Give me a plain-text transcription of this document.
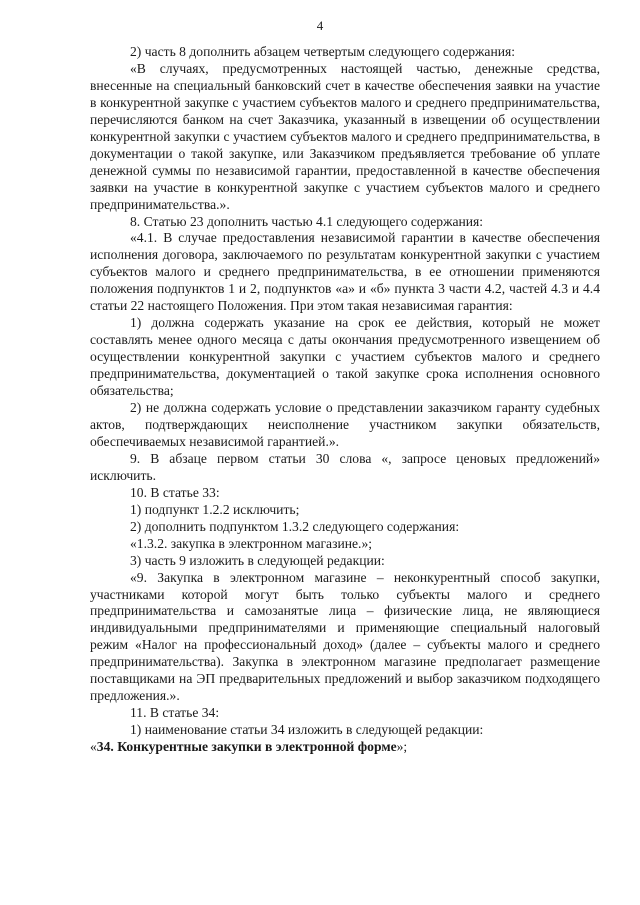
4

2) часть 8 дополнить абзацем четвертым следующего содержания:

«В случаях, предусмотренных настоящей частью, денежные средства, внесенные на специальный банковский счет в качестве обеспечения заявки на участие в конкурентной закупке с участием субъектов малого и среднего предпринимательства, перечисляются банком на счет Заказчика, указанный в извещении об осуществлении конкурентной закупки с участием субъектов малого и среднего предпринимательства, в документации о такой закупке, или Заказчиком предъявляется требование об уплате денежной суммы по независимой гарантии, предоставленной в качестве обеспечения заявки на участие в конкурентной закупке с участием субъектов малого и среднего предпринимательства.».

8. Статью 23 дополнить частью 4.1 следующего содержания:

«4.1. В случае предоставления независимой гарантии в качестве обеспечения исполнения договора, заключаемого по результатам конкурентной закупки с участием субъектов малого и среднего предпринимательства, в ее отношении применяются положения подпунктов 1 и 2, подпунктов «а» и «б» пункта 3 части 4.2, частей 4.3 и 4.4 статьи 22 настоящего Положения. При этом такая независимая гарантия:

1) должна содержать указание на срок ее действия, который не может составлять менее одного месяца с даты окончания предусмотренного извещением об осуществлении конкурентной закупки с участием субъектов малого и среднего предпринимательства, документацией о такой закупке срока исполнения основного обязательства;

2) не должна содержать условие о представлении заказчиком гаранту судебных актов, подтверждающих неисполнение участником закупки обязательств, обеспечиваемых независимой гарантией.».

9. В абзаце первом статьи 30 слова «, запросе ценовых предложений» исключить.

10. В статье 33:

1) подпункт 1.2.2 исключить;

2) дополнить подпунктом 1.3.2 следующего содержания:

«1.3.2. закупка в электронном магазине.»;

3) часть 9 изложить в следующей редакции:

«9. Закупка в электронном магазине – неконкурентный способ закупки, участниками которой могут быть только субъекты малого и среднего предпринимательства и самозанятые лица – физические лица, не являющиеся индивидуальными предпринимателями и применяющие специальный налоговый режим «Налог на профессиональный доход» (далее – субъекты малого и среднего предпринимательства). Закупка в электронном магазине предполагает размещение поставщиками на ЭП предварительных предложений и выбор заказчиком подходящего предложения.».

11. В статье 34:

1) наименование статьи 34 изложить в следующей редакции:

«34. Конкурентные закупки в электронной форме»;
